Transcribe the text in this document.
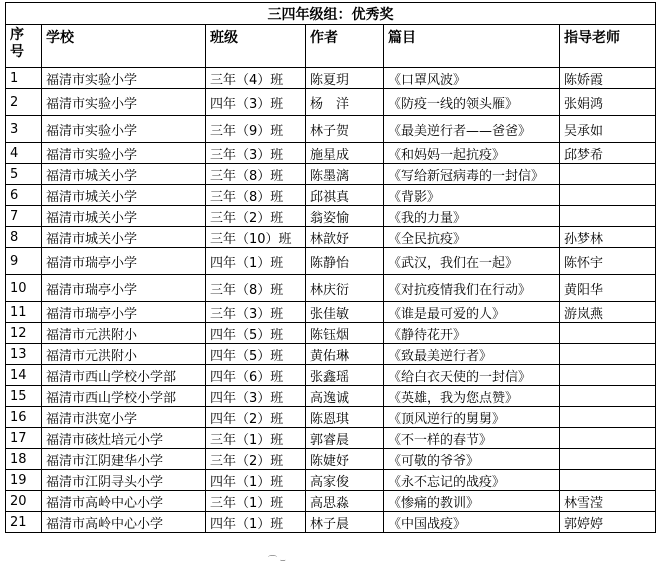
三四年级组：优秀奖					
序号	学校	班级	作者	篇目	指导老师
1	福清市实验小学	三年（4）班	陈夏玥	《口罩风波》	陈娇霞
2	福清市实验小学	四年（3）班	杨　洋	《防疫一线的领头雁》	张娟鸿
3	福清市实验小学	三年（9）班	林子贺	《最美逆行者——爸爸》	吴承如
4	福清市实验小学	三年（3）班	施星成	《和妈妈一起抗疫》	邱梦希
5	福清市城关小学	三年（8）班	陈墨漓	《写给新冠病毒的一封信》	
6	福清市城关小学	三年（8）班	邱祺真	《背影》	
7	福清市城关小学	三年（2）班	翁姿愉	《我的力量》	
8	福清市城关小学	三年（10）班	林歆妤	《全民抗疫》	孙梦林
9	福清市瑞亭小学	四年（1）班	陈静怡	《武汉，我们在一起》	陈怀宇
10	福清市瑞亭小学	三年（8）班	林庆衍	《对抗疫情我们在行动》	黄阳华
11	福清市瑞亭小学	三年（3）班	张佳敏	《谁是最可爱的人》	游岚燕
12	福清市元洪附小	四年（5）班	陈钰烟	《静待花开》	
13	福清市元洪附小	四年（5）班	黄佑琳	《致最美逆行者》	
14	福清市西山学校小学部	四年（6）班	张鑫瑶	《给白衣天使的一封信》	
15	福清市西山学校小学部	四年（3）班	高逸诚	《英雄，我为您点赞》	
16	福清市洪宽小学	四年（2）班	陈恩琪	《顶风逆行的舅舅》	
17	福清市硋灶培元小学	三年（1）班	郭睿晨	《不一样的春节》	
18	福清市江阴建华小学	三年（2）班	陈婕妤	《可敬的爷爷》	
19	福清市江阴寻头小学	四年（1）班	高家俊	《永不忘记的战疫》	
20	福清市高岭中心小学	三年（1）班	高思淼	《惨痛的教训》	林雪滢
21	福清市高岭中心小学	四年（1）班	林子晨	《中国战疫》	郭婷婷
⌒ ⌣
